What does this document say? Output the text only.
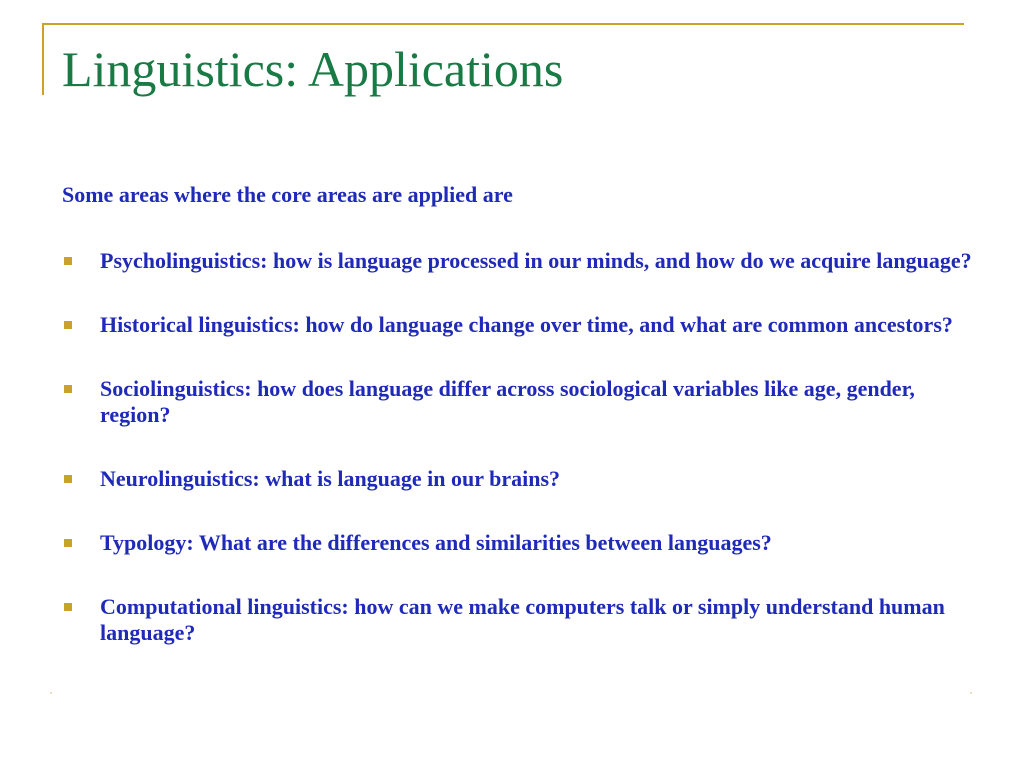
Linguistics: Applications

Some areas where the core areas are applied are

Psycholinguistics: how is language processed in our minds, and how do we acquire language?
Historical linguistics: how do language change over time, and what are common ancestors?
Sociolinguistics: how does language differ across sociological variables like age, gender, region?
Neurolinguistics: what is language in our brains?
Typology: What are the differences and similarities between languages?
Computational linguistics: how can we make computers talk or simply understand human language?
